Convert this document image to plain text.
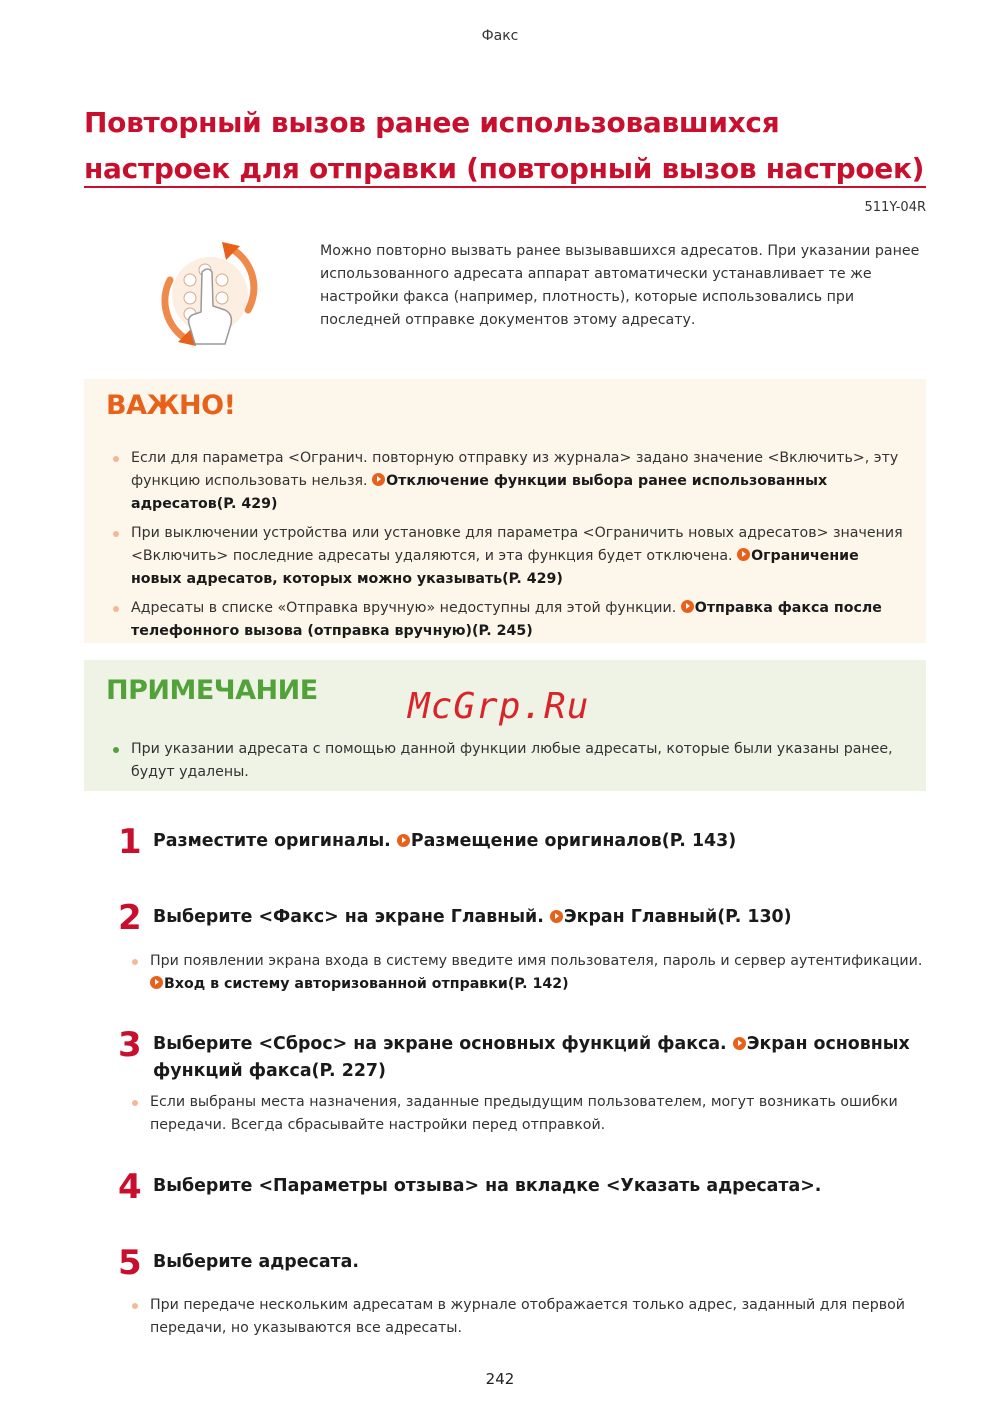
Факс
Повторный вызов ранее использовавшихся
настроек для отправки (повторный вызов настроек)
511Y-04R

Можно повторно вызвать ранее вызывавшихся адресатов. При указании ранее использованного адресата аппарат автоматически устанавливает те же настройки факса (например, плотность), которые использовались при последней отправке документов этому адресату.

ВАЖНО!
Если для параметра <Огранич. повторную отправку из журнала> задано значение <Включить>, эту функцию использовать нельзя. Отключение функции выбора ранее использованных адресатов(P. 429)
При выключении устройства или установке для параметра <Ограничить новых адресатов> значения <Включить> последние адресаты удаляются, и эта функция будет отключена. Ограничение новых адресатов, которых можно указывать(P. 429)
Адресаты в списке «Отправка вручную» недоступны для этой функции. Отправка факса после телефонного вызова (отправка вручную)(P. 245)
ПРИМЕЧАНИЕ
При указании адресата с помощью данной функции любые адресаты, которые были указаны ранее, будут удалены.
McGrp.Ru
1 Разместите оригиналы. Размещение оригиналов(P. 143)
2 Выберите <Факс> на экране Главный. Экран Главный(P. 130)
При появлении экрана входа в систему введите имя пользователя, пароль и сервер аутентификации.
Вход в систему авторизованной отправки(P. 142)
3 Выберите <Сброс> на экране основных функций факса. Экран основных функций факса(P. 227)
Если выбраны места назначения, заданные предыдущим пользователем, могут возникать ошибки передачи. Всегда сбрасывайте настройки перед отправкой.
4 Выберите <Параметры отзыва> на вкладке <Указать адресата>.
5 Выберите адресата.
При передаче нескольким адресатам в журнале отображается только адрес, заданный для первой передачи, но указываются все адресаты.
242
